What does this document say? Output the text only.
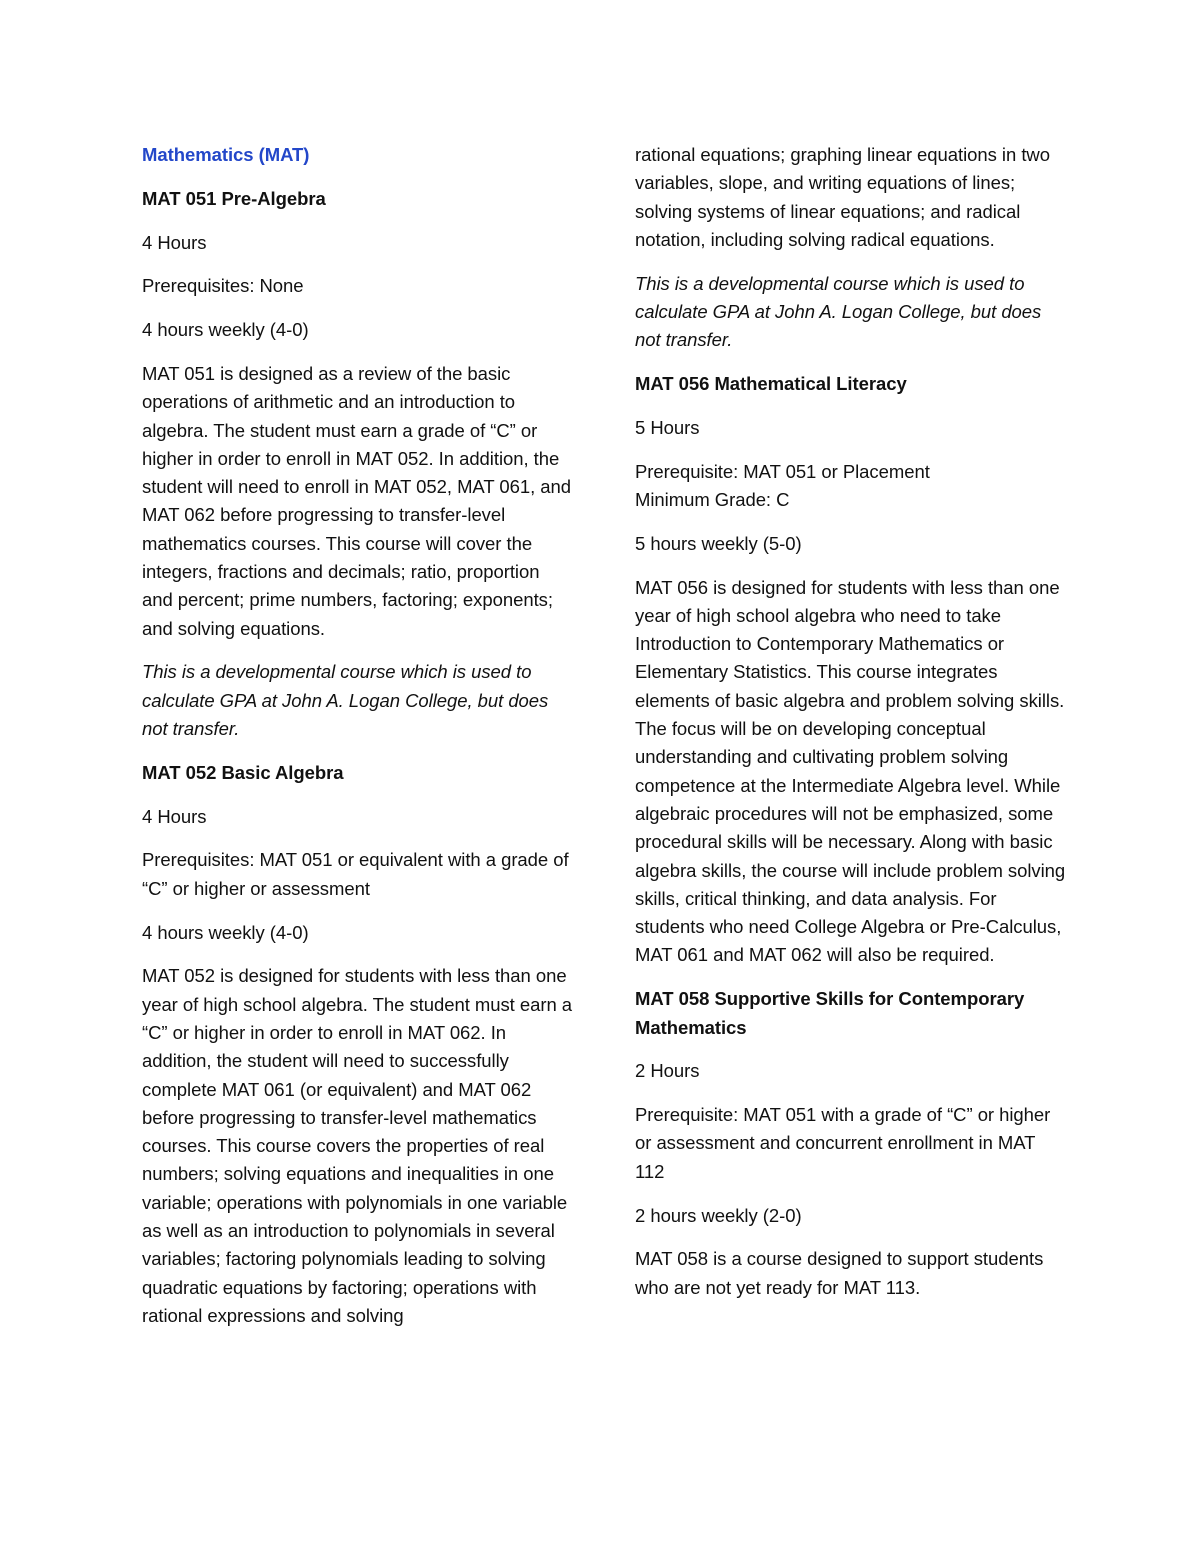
Mathematics (MAT)

MAT 051 Pre-Algebra

4 Hours

Prerequisites: None

4 hours weekly (4-0)

MAT 051 is designed as a review of the basic operations of arithmetic and an introduction to algebra. The student must earn a grade of “C” or higher in order to enroll in MAT 052. In addition, the student will need to enroll in MAT 052, MAT 061, and MAT 062 before progressing to transfer-level mathematics courses. This course will cover the integers, fractions and decimals; ratio, proportion and percent; prime numbers, factoring; exponents; and solving equations.

This is a developmental course which is used to calculate GPA at John A. Logan College, but does not transfer.

MAT 052 Basic Algebra

4 Hours

Prerequisites: MAT 051 or equivalent with a grade of “C” or higher or assessment

4 hours weekly (4-0)

MAT 052 is designed for students with less than one year of high school algebra. The student must earn a “C” or higher in order to enroll in MAT 062. In addition, the student will need to successfully complete MAT 061 (or equivalent) and MAT 062 before progressing to transfer-level mathematics courses. This course covers the properties of real numbers; solving equations and inequalities in one variable; operations with polynomials in one variable as well as an introduction to polynomials in several variables; factoring polynomials leading to solving quadratic equations by factoring; operations with rational expressions and solving

rational equations; graphing linear equations in two variables, slope, and writing equations of lines; solving systems of linear equations; and radical notation, including solving radical equations.

This is a developmental course which is used to calculate GPA at John A. Logan College, but does not transfer.

MAT 056 Mathematical Literacy

5 Hours

Prerequisite: MAT 051 or Placement
Minimum Grade: C

5 hours weekly (5-0)

MAT 056 is designed for students with less than one year of high school algebra who need to take Introduction to Contemporary Mathematics or Elementary Statistics. This course integrates elements of basic algebra and problem solving skills. The focus will be on developing conceptual understanding and cultivating problem solving competence at the Intermediate Algebra level. While algebraic procedures will not be emphasized, some procedural skills will be necessary. Along with basic algebra skills, the course will include problem solving skills, critical thinking, and data analysis. For students who need College Algebra or Pre-Calculus, MAT 061 and MAT 062 will also be required.

MAT 058 Supportive Skills for Contemporary Mathematics

2 Hours

Prerequisite: MAT 051 with a grade of “C” or higher or assessment and concurrent enrollment in MAT 112

2 hours weekly (2-0)

MAT 058 is a course designed to support students who are not yet ready for MAT 113.
